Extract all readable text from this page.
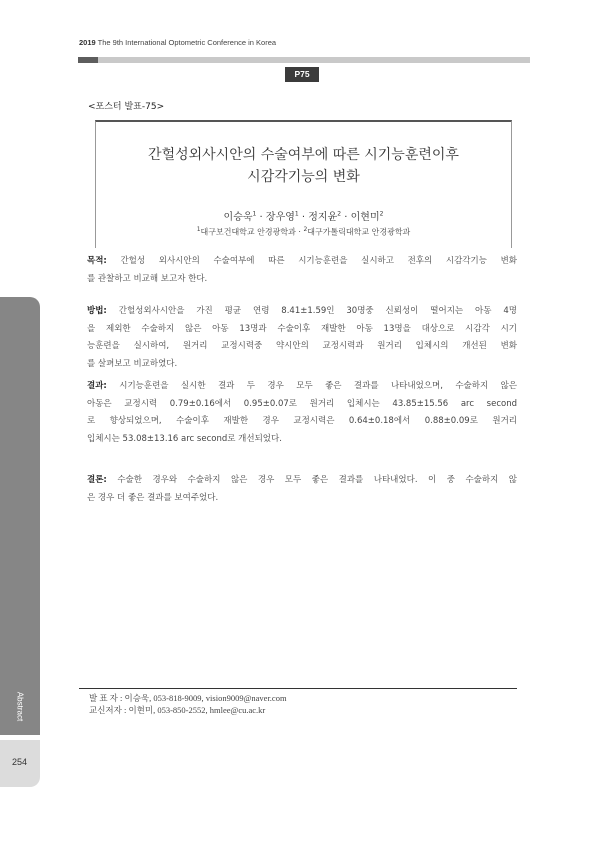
2019 The 9th International Optometric Conference in Korea
P75
<포스터 발표-75>
간헐성외사시안의 수술여부에 따른 시기능훈련이후
시감각기능의 변화
이승욱$^1$ · 장우영$^1$ · 정지윤$^2$ · 이현미$^2$
$^1$대구보건대학교 안경광학과 · $^2$대구가톨릭대학교 안경광학과
목적: 간헐성 외사시안의 수술여부에 따른 시기능훈련을 실시하고 전후의 시감각기능 변화
를 관찰하고 비교해 보고자 한다.
방법: 간헐성외사시안을 가진 평균 연령 8.41±1.59인 30명중 신뢰성이 떨어지는 아동 4명
을 제외한 수술하지 않은 아동 13명과 수술이후 재발한 아동 13명을 대상으로 시감각 시기
능훈련을 실시하여, 원거리 교정시력중 약시안의 교정시력과 원거리 입체시의 개선된 변화
를 살펴보고 비교하였다.
결과: 시기능훈련을 실시한 결과 두 경우 모두 좋은 결과를 나타내었으며, 수술하지 않은
아동은 교정시력 0.79±0.16에서 0.95±0.07로 원거리 입체시는 43.85±15.56 arc second
로 향상되었으며, 수술이후 재발한 경우 교정시력은 0.64±0.18에서 0.88±0.09로 원거리
입체시는 53.08±13.16 arc second로 개선되었다.
결론: 수술한 경우와 수술하지 않은 경우 모두 좋은 결과를 나타내었다. 이 중 수술하지 않
은 경우 더 좋은 결과를 보여주었다.
Abstract
254
발 표 자 : 이승욱, 053-818-9009, vision9009@naver.com
교신저자 : 이현미, 053-850-2552, hmlee@cu.ac.kr
